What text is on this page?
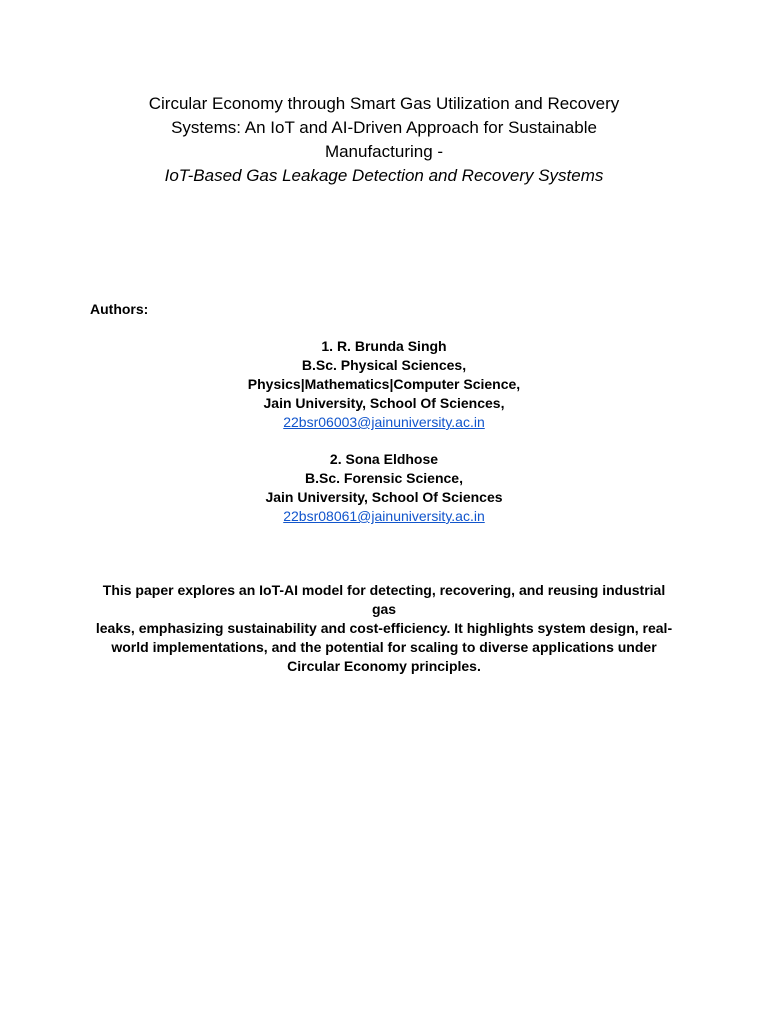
Circular Economy through Smart Gas Utilization and Recovery
Systems: An IoT and AI-Driven Approach for Sustainable
Manufacturing -
IoT-Based Gas Leakage Detection and Recovery Systems
Authors:
1. R. Brunda Singh
B.Sc. Physical Sciences,
Physics|Mathematics|Computer Science,
Jain University, School Of Sciences,
22bsr06003@jainuniversity.ac.in
2. Sona Eldhose
B.Sc. Forensic Science,
Jain University, School Of Sciences
22bsr08061@jainuniversity.ac.in
This paper explores an IoT-AI model for detecting, recovering, and reusing industrial gas
leaks, emphasizing sustainability and cost-efficiency. It highlights system design, real-
world implementations, and the potential for scaling to diverse applications under
Circular Economy principles.
